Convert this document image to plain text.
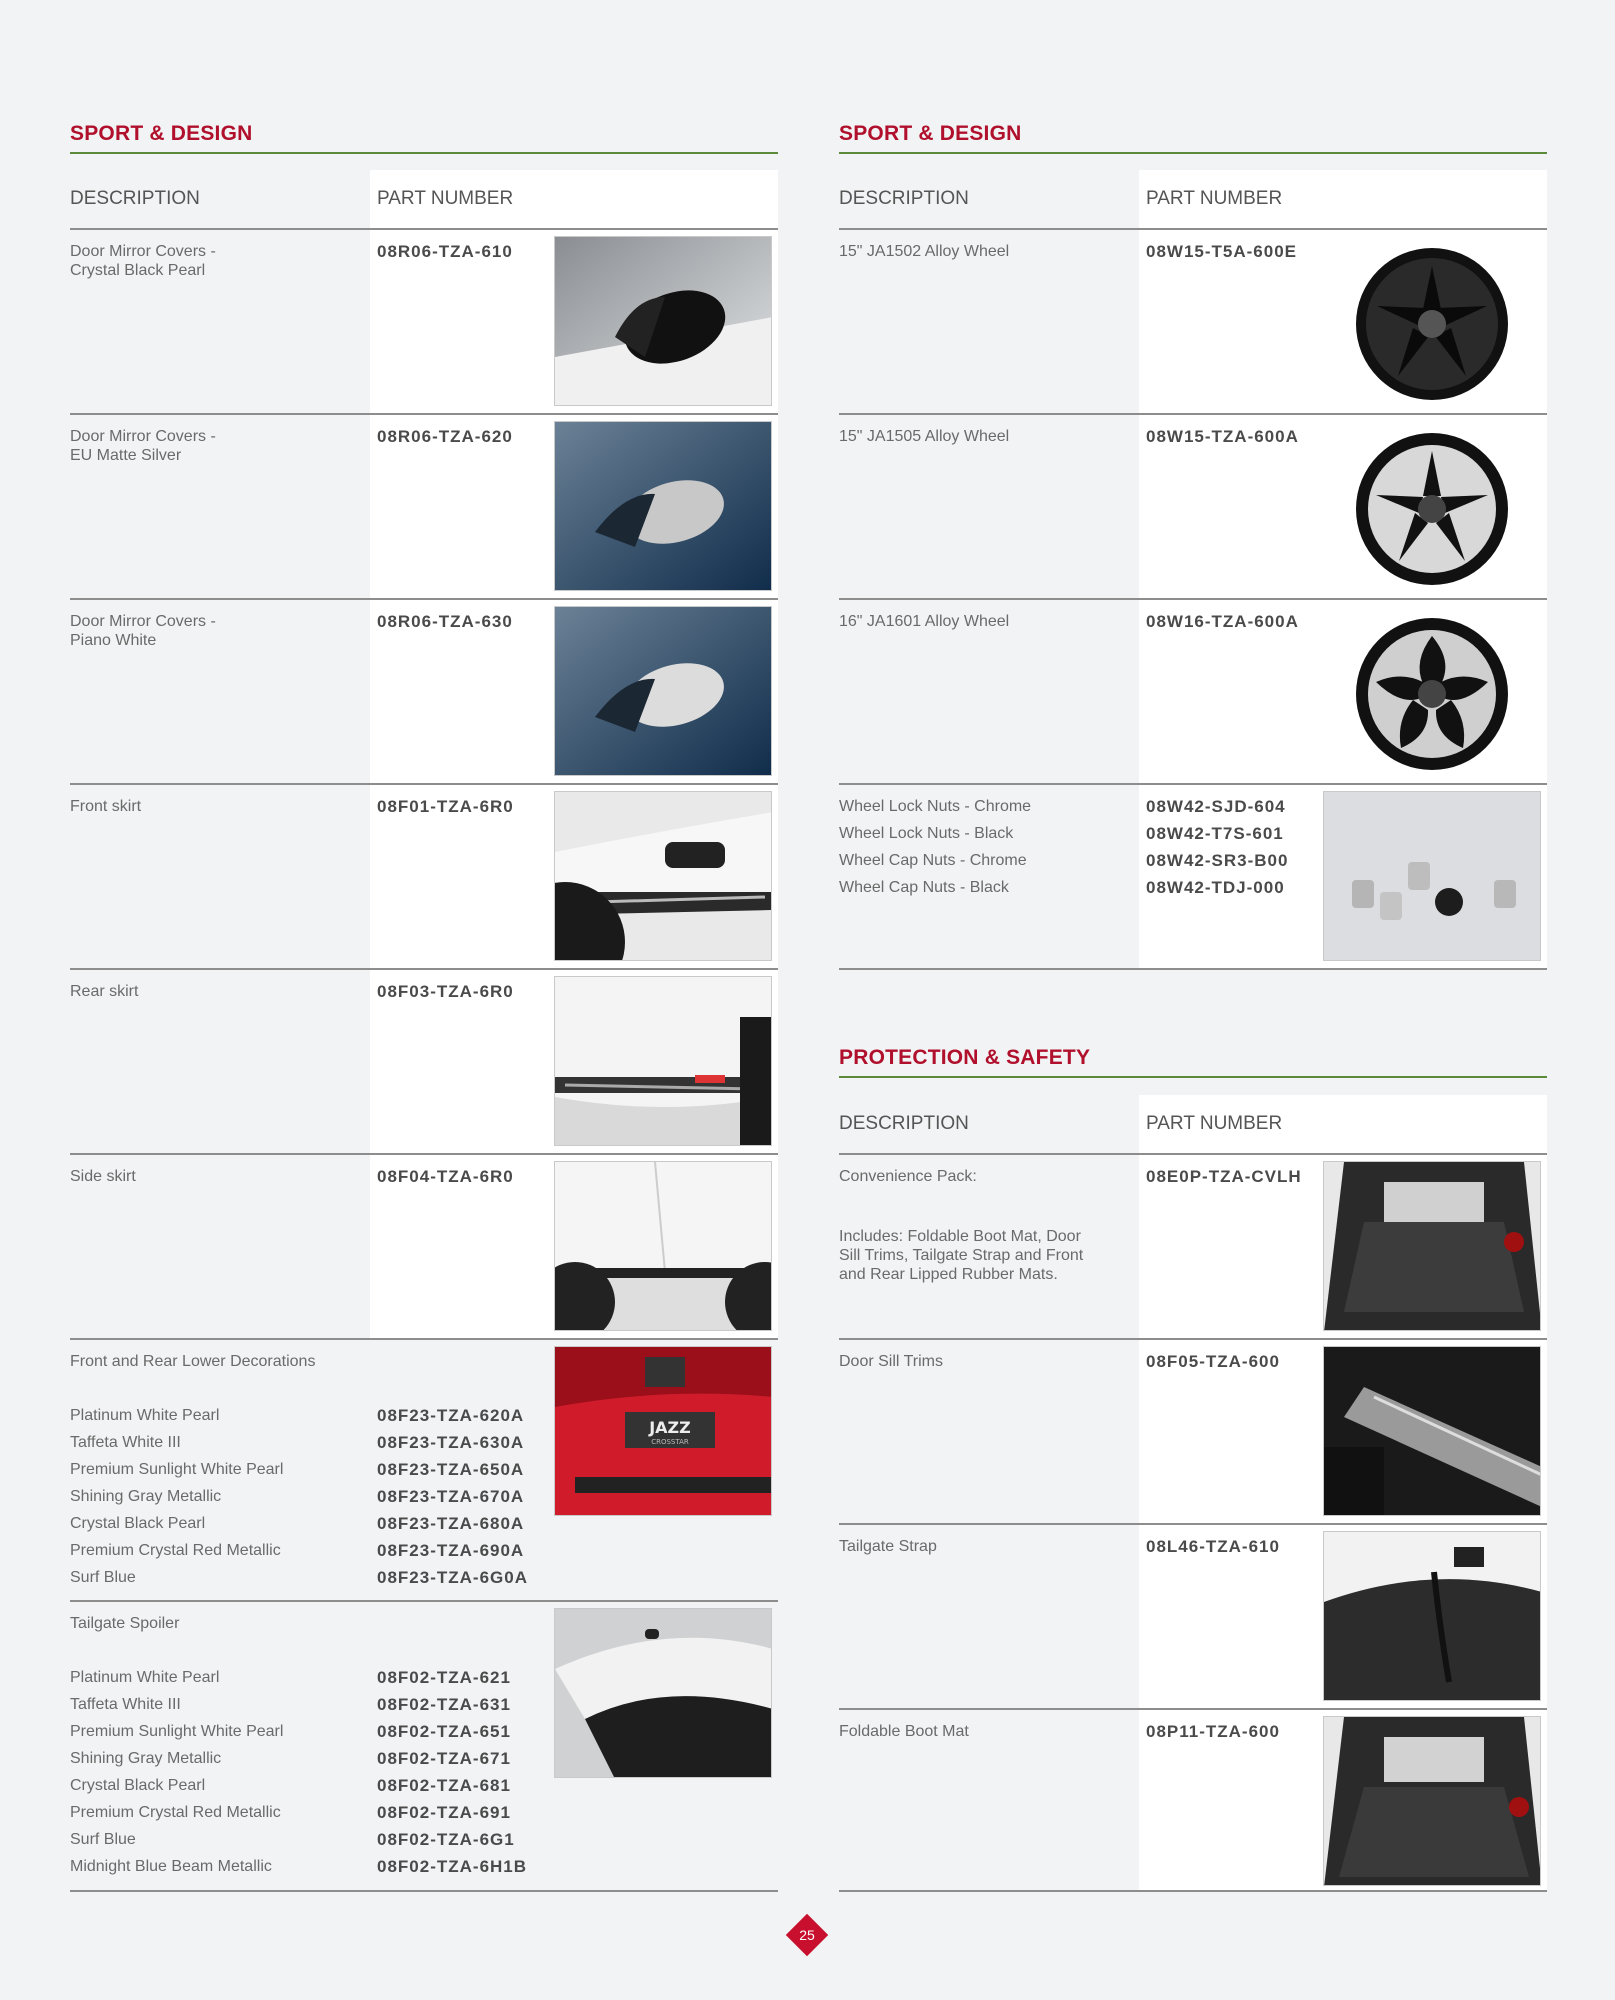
SPORT & DESIGN
DESCRIPTION	PART NUMBER
Door Mirror Covers -
Crystal Black Pearl
08R06-TZA-610
Door Mirror Covers -
EU Matte Silver
08R06-TZA-620
Door Mirror Covers -
Piano White
08R06-TZA-630
Front skirt	08F01-TZA-6R0
Rear skirt	08F03-TZA-6R0
Side skirt	08F04-TZA-6R0
Front and Rear Lower Decorations
JAZZ
CROSSTAR
Platinum White Pearl	08F23-TZA-620A
Taffeta White III	08F23-TZA-630A
Premium Sunlight White Pearl	08F23-TZA-650A
Shining Gray Metallic	08F23-TZA-670A
Crystal Black Pearl	08F23-TZA-680A
Premium Crystal Red Metallic	08F23-TZA-690A
Surf Blue	08F23-TZA-6G0A
Tailgate Spoiler
Platinum White Pearl	08F02-TZA-621
Taffeta White III	08F02-TZA-631
Premium Sunlight White Pearl	08F02-TZA-651
Shining Gray Metallic	08F02-TZA-671
Crystal Black Pearl	08F02-TZA-681
Premium Crystal Red Metallic	08F02-TZA-691
Surf Blue	08F02-TZA-6G1
Midnight Blue Beam Metallic	08F02-TZA-6H1B
SPORT & DESIGN
DESCRIPTION	PART NUMBER
15" JA1502 Alloy Wheel	08W15-T5A-600E
15" JA1505 Alloy Wheel	08W15-TZA-600A
16" JA1601 Alloy Wheel	08W16-TZA-600A
Wheel Lock Nuts - Chrome	08W42-SJD-604
Wheel Lock Nuts - Black	08W42-T7S-601
Wheel Cap Nuts - Chrome	08W42-SR3-B00
Wheel Cap Nuts - Black	08W42-TDJ-000
PROTECTION & SAFETY
DESCRIPTION	PART NUMBER
Convenience Pack:
Includes: Foldable Boot Mat, Door
Sill Trims, Tailgate Strap and Front
and Rear Lipped Rubber Mats.
08E0P-TZA-CVLH
Door Sill Trims	08F05-TZA-600
Tailgate Strap	08L46-TZA-610
Foldable Boot Mat	08P11-TZA-600
25
